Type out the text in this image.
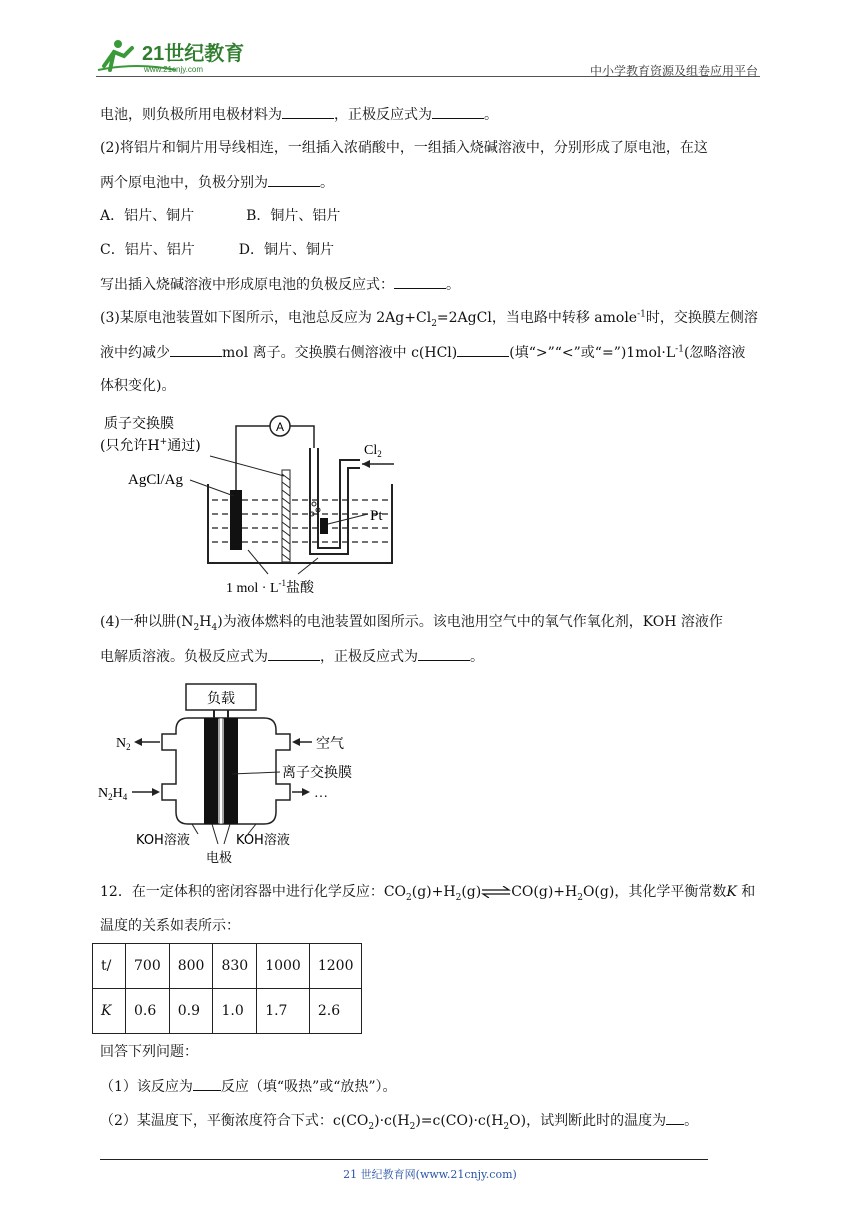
21世纪教育
www.21cnjy.com	中小学教育资源及组卷应用平台
电池，则负极所用电极材料为	，正极反应式为	。
(2)将铝片和铜片用导线相连，一组插入浓硝酸中，一组插入烧碱溶液中，分别形成了原电池，在这
两个原电池中，负极分别为	。
A．铝片、铜片	B．铜片、铝片
C．铝片、铝片	D．铜片、铜片
写出插入烧碱溶液中形成原电池的负极反应式：	。
(3)某原电池装置如下图所示，电池总反应为 $2Ag+Cl_2=2AgCl$，当电路中转移 amole$^{-1}$时，交换膜左侧溶
液中约减少	mol 离子。交换膜右侧溶液中 c(HCl)	(填“>”“<”或“$=”)1mol\cdot L^{-1}$(忽略溶液
体积变化)。
A
$Cl_2$
质子交换膜
(只允许H+通过)
AgCl/Ag
Pt
1 mol · $L^{-1}$盐酸
(4)一种以肼$(N_2H_4)$为液体燃料的电池装置如图所示。该电池用空气中的氧气作氧化剂，KOH 溶液作
电解质溶液。负极反应式为	，正极反应式为	。
负载
$N_2$
$N_2H_4$
空气
…
离子交换膜
KOH溶液	KOH溶液
电极
12．在一定体积的密闭容器中进行化学反应：$CO_2(g)+H_2(g)\rightleftharpoons CO(g)+H_2O(g)$，其化学平衡常数K 和
温度的关系如表所示：
t/	700	800	830	1000	1200
K	0.6	0.9	1.0	1.7	2.6
回答下列问题：
（1）该反应为 反应（填“吸热”或“放热”）。
（2）某温度下，平衡浓度符合下式：$c(CO_2)\cdot c(H_2)=c(CO)\cdot c(H_2O)$，试判断此时的温度为 。
21 世纪教育网(www.21cnjy.com)
